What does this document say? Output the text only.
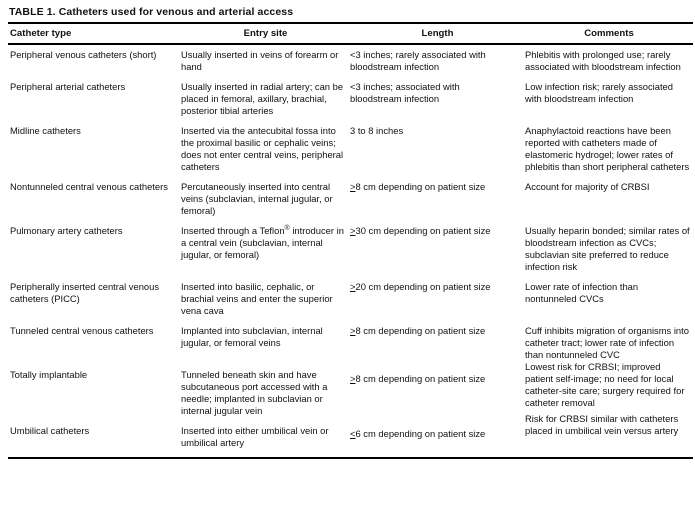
TABLE 1. Catheters used for venous and arterial access
Catheter type	Entry site	Length	Comments
Peripheral venous catheters (short)	Usually inserted in veins of forearm or hand	<3 inches; rarely associated with bloodstream infection	Phlebitis with prolonged use; rarely associated with bloodstream infection
Peripheral arterial catheters	Usually inserted in radial artery; can be placed in femoral, axillary, brachial, posterior tibial arteries	<3 inches; associated with bloodstream infection	Low infection risk; rarely associated with bloodstream infection
Midline catheters	Inserted via the antecubital fossa into the proximal basilic or cephalic veins; does not enter central veins, peripheral catheters	3 to 8 inches	Anaphylactoid reactions have been reported with catheters made of elastomeric hydrogel; lower rates of phlebitis than short peripheral catheters
Nontunneled central venous catheters	Percutaneously inserted into central veins (subclavian, internal jugular, or femoral)	>8 cm depending on patient size	Account for majority of CRBSI
Pulmonary artery catheters	Inserted through a Teflon® introducer in a central vein (subclavian, internal jugular, or femoral)	>30 cm depending on patient size	Usually heparin bonded; similar rates of bloodstream infection as CVCs; subclavian site preferred to reduce infection risk
Peripherally inserted central venous catheters (PICC)	Inserted into basilic, cephalic, or brachial veins and enter the superior vena cava	>20 cm depending on patient size	Lower rate of infection than nontunneled CVCs
Tunneled central venous catheters	Implanted into subclavian, internal jugular, or femoral veins	>8 cm depending on patient size	Cuff inhibits migration of organisms into catheter tract; lower rate of infection than nontunneled CVC
Totally implantable	Tunneled beneath skin and have subcutaneous port accessed with a needle; implanted in subclavian or internal jugular vein	>8 cm depending on patient size	Lowest risk for CRBSI; improved patient self-image; no need for local catheter-site care; surgery required for catheter removal
Umbilical catheters	Inserted into either umbilical vein or umbilical artery	<6 cm depending on patient size	Risk for CRBSI similar with catheters placed in umbilical vein versus artery
